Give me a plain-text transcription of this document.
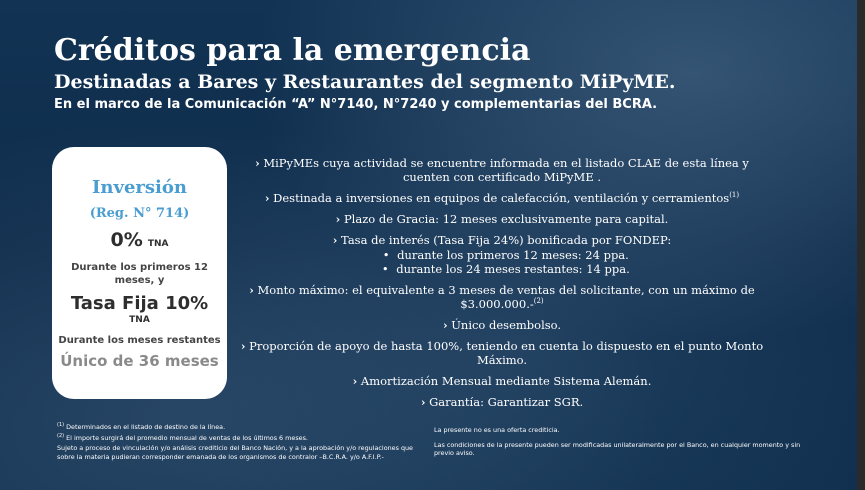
Créditos para la emergencia
Destinadas a Bares y Restaurantes del segmento MiPyME.
En el marco de la Comunicación “A” N°7140, N°7240 y complementarias del BCRA.
Inversión
(Reg. N° 714)
0% TNA
Durante los primeros 12 meses, y
Tasa Fija 10%
TNA
Durante los meses restantes
Único de 36 meses
› MiPyMEs cuya actividad se encuentre informada en el listado CLAE de esta línea y cuenten con certificado MiPyME .
› Destinada a inversiones en equipos de calefacción, ventilación y cerramientos$^{(1)}$
› Plazo de Gracia: 12 meses exclusivamente para capital.
› Tasa de interés (Tasa Fija 24%) bonificada por FONDEP:
• durante los primeros 12 meses: 24 ppa.
• durante los 24 meses restantes: 14 ppa.
› Monto máximo: el equivalente a 3 meses de ventas del solicitante, con un máximo de $3.000.000.-$^{(2)}$
› Único desembolso.
› Proporción de apoyo de hasta 100%, teniendo en cuenta lo dispuesto en el punto Monto Máximo.
› Amortización Mensual mediante Sistema Alemán.
› Garantía: Garantizar SGR.

$^{(1)}$ Determinados en el listado de destino de la línea.

$^{(2)}$ El importe surgirá del promedio mensual de ventas de los últimos 6 meses.

Sujeto a proceso de vinculación y/o análisis crediticio del Banco Nación, y a la aprobación y/o regulaciones que sobre la materia pudieran corresponder emanada de los organismos de contralor –B.C.R.A. y/o A.F.I.P.-

La presente no es una oferta crediticia.

Las condiciones de la presente pueden ser modificadas unilateralmente por el Banco, en cualquier momento y sin previo aviso.
